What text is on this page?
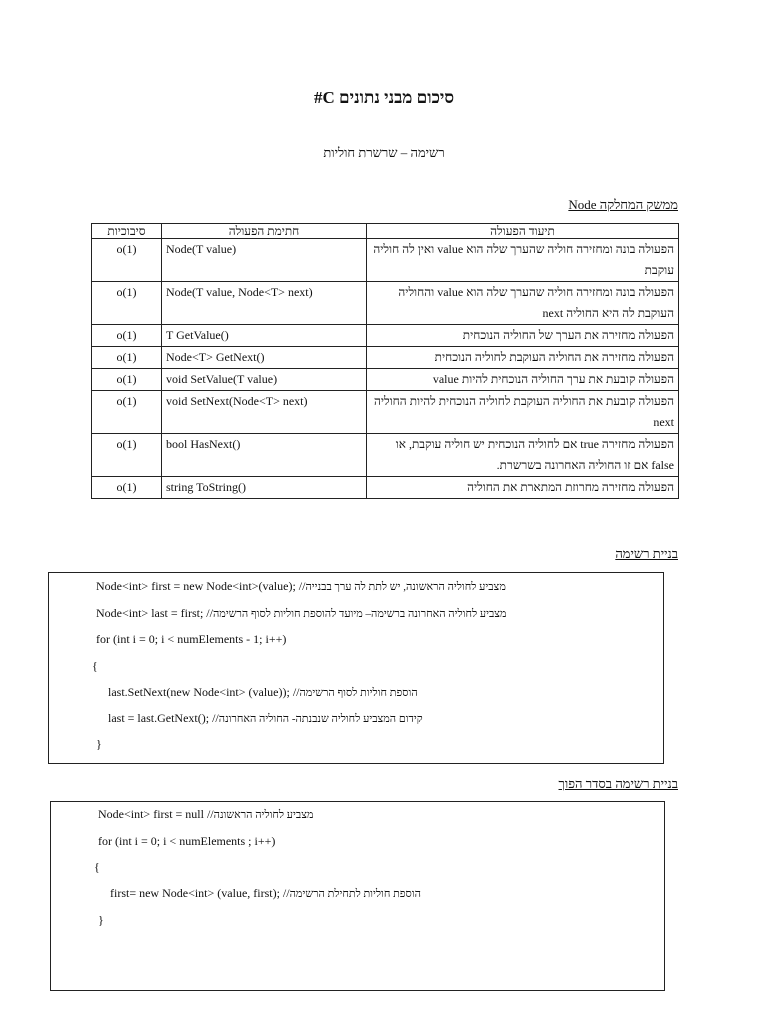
סיכום מבני נתונים C#
רשימה – שרשרת חוליות
ממשק המחלקה Node
סיבוכיות	חתימת הפעולה	תיעוד הפעולה
o(1)	Node(T value)	הפעולה בונה ומחזירה חוליה שהערך שלה הוא value ואין לה חוליה עוקבת
o(1)	Node(T value, Node<T> next)	הפעולה בונה ומחזירה חוליה שהערך שלה הוא value והחוליה העוקבת לה היא החוליה next
o(1)	T GetValue()	הפעולה מחזירה את הערך של החוליה הנוכחית
o(1)	Node<T> GetNext()	הפעולה מחזירה את החוליה העוקבת לחוליה הנוכחית
o(1)	void SetValue(T value)	הפעולה קובעת את ערך החוליה הנוכחית להיות value
o(1)	void SetNext(Node<T> next)	הפעולה קובעת את החוליה העוקבת לחוליה הנוכחית להיות החוליה next
o(1)	bool HasNext()	הפעולה מחזירה true אם לחוליה הנוכחית יש חוליה עוקבת, או false אם זו החוליה האחרונה בשרשרת.
o(1)	string ToString()	הפעולה מחזירה מחרוזת המתארת את החוליה
בניית רשימה
Node<int> first = new Node<int>(value); //מצביע לחוליה הראשונה, יש לתת לה ערך בבנייה
Node<int> last = first; //מצביע לחוליה האחרונה ברשימה– מיועד להוספת חוליות לסוף הרשימה
for (int i = 0; i < numElements - 1; i++)
{
last.SetNext(new Node<int> (value)); //הוספת חוליות לסוף הרשימה
last = last.GetNext(); //קידום המצביע לחוליה שנבנתה- החוליה האחרונה
}
בניית רשימה בסדר הפוך
Node<int> first = null //מצביע לחוליה הראשונה
for (int i = 0; i < numElements ; i++)
{
first= new Node<int> (value, first); //הוספת חוליות לתחילת הרשימה
}
